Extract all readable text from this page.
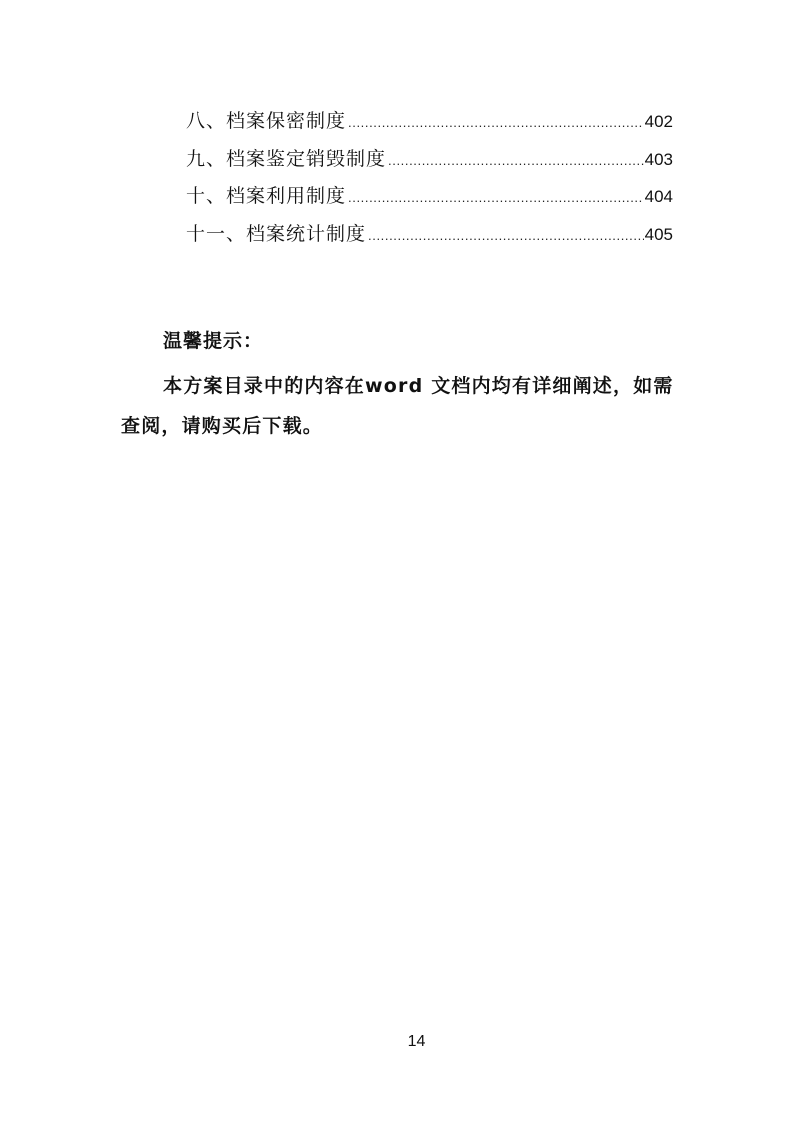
八、档案保密制度 .....	402
九、档案鉴定销毁制度 .....	403
十、档案利用制度 .....	404
十一、档案统计制度 .....	405

温馨提示：

本方案目录中的内容在word 文档内均有详细阐述，如需查阅，请购买后下载。

14
